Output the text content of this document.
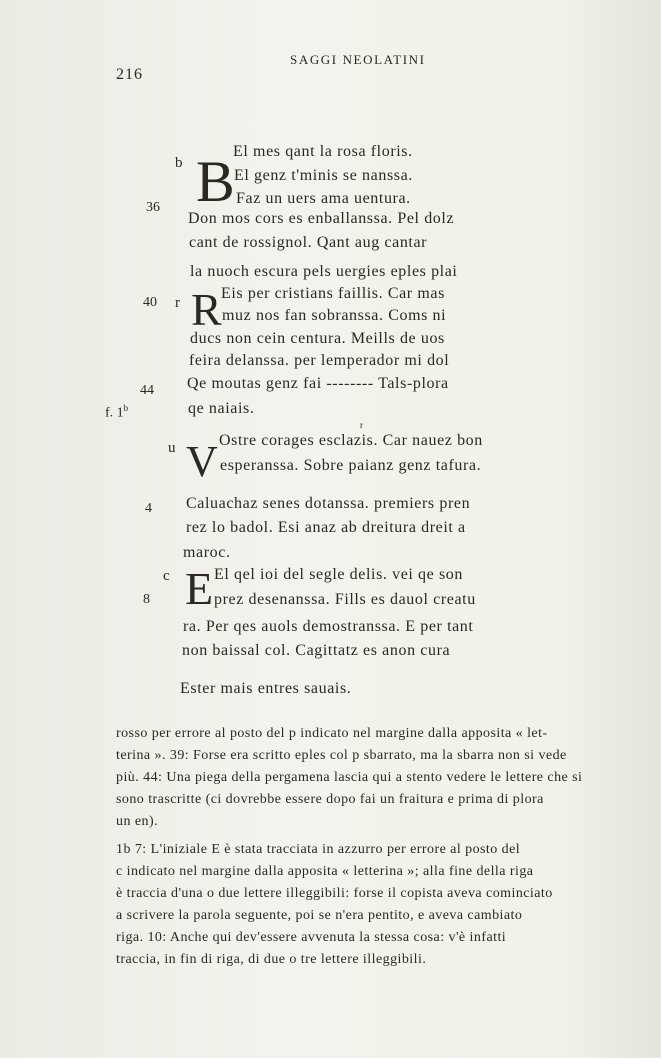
216
SAGGI NEOLATINI
b B
El mes qant la rosa floris.
El genz t'minis se nanssa.
Faz un uers ama uentura.
36
Don mos cors es enballanssa. Pel dolz
cant de rossignol. Qant aug cantar
la nuoch escura pels uergies eples plai
40 r R Eis per cristians faillis. Car mas
muz nos fan sobranssa. Coms ni
ducs non cein centura. Meills de uos
feira delanssa. per lemperador mi dol
44 Qe moutas genz fai -------- Tals-plora
f. 1$^b$	qe naiais.
r
u V Ostre corages esclazis. Car nauez bon
esperanssa. Sobre paianz genz tafura.
Caluachaz senes dotanssa. premiers pren
4
rez lo badol. Esi anaz ab dreitura dreit a
maroc.
c E El qel ioi del segle delis. vei qe son
8	prez desenanssa. Fills es dauol creatu
ra. Per qes auols demostranssa. E per tant
non baissal col. Cagittatz es anon cura
Ester mais entres sauais.
rosso per errore al posto del p indicato nel margine dalla apposita « let-
terina ». 39: Forse era scritto eples col p sbarrato, ma la sbarra non si vede
più. 44: Una piega della pergamena lascia qui a stento vedere le lettere che si
sono trascritte (ci dovrebbe essere dopo fai un fraitura e prima di plora
un en).
1b 7: L'iniziale E è stata tracciata in azzurro per errore al posto del
c indicato nel margine dalla apposita « letterina »; alla fine della riga
è traccia d'una o due lettere illeggibili: forse il copista aveva cominciato
a scrivere la parola seguente, poi se n'era pentito, e aveva cambiato
riga. 10: Anche qui dev'essere avvenuta la stessa cosa: v'è infatti
traccia, in fin di riga, di due o tre lettere illeggibili.
